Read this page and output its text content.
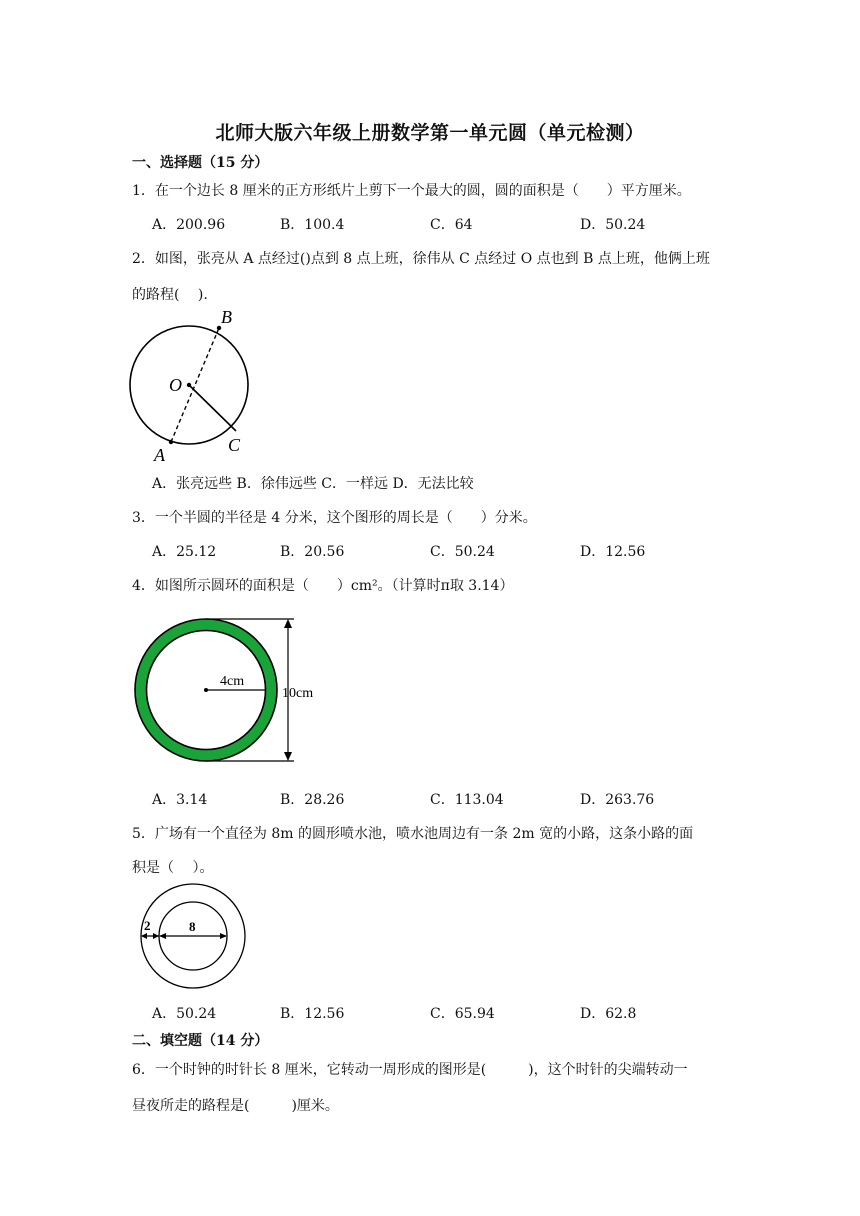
北师大版六年级上册数学第一单元圆（单元检测）
一、选择题（15 分）
1．在一个边长 8 厘米的正方形纸片上剪下一个最大的圆，圆的面积是（　　）平方厘米。
A．200.96	B．100.4	C．64	D．50.24
2．如图，张亮从 A 点经过()点到 8 点上班，徐伟从 C 点经过 O 点也到 B 点上班，他俩上班
的路程(　 ).
B
O
C
A
A．张亮远些 B．徐伟远些 C．一样远 D．无法比较
3．一个半圆的半径是 4 分米，这个图形的周长是（　　）分米。
A．25.12	B．20.56	C．50.24	D．12.56
4．如图所示圆环的面积是（　　）cm²。（计算时π取 3.14）
4cm
10cm
A．3.14	B．28.26	C．113.04	D．263.76
5．广场有一个直径为 8m 的圆形喷水池，喷水池周边有一条 2m 宽的小路，这条小路的面
积是（　 ）。
2	8
A．50.24	B．12.56	C．65.94	D．62.8
二、填空题（14 分）
6．一个时钟的时针长 8 厘米，它转动一周形成的图形是(　　　)，这个时针的尖端转动一
昼夜所走的路程是(　　　)厘米。
